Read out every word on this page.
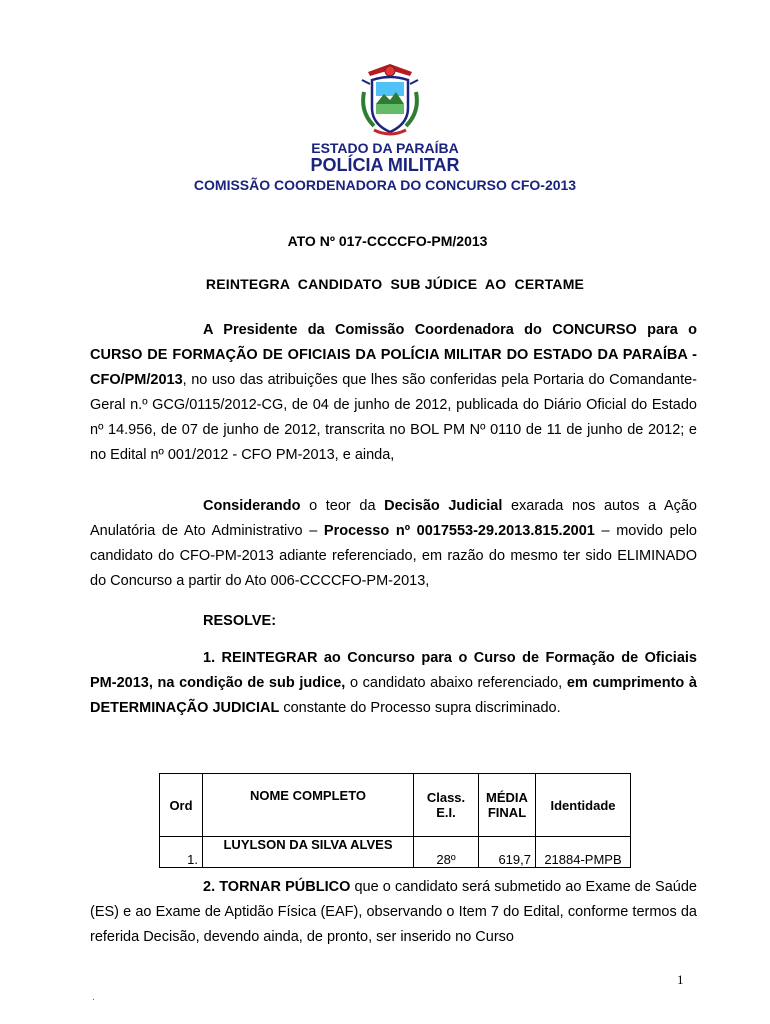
ESTADO DA PARAÍBA
POLÍCIA MILITAR
COMISSÃO COORDENADORA DO CONCURSO CFO-2013
ATO Nº 017-CCCCFO-PM/2013
REINTEGRA  CANDIDATO  SUB JÚDICE  AO  CERTAME

A Presidente da Comissão Coordenadora do CONCURSO para o CURSO DE FORMAÇÃO DE OFICIAIS DA POLÍCIA MILITAR DO ESTADO DA PARAÍBA - CFO/PM/2013, no uso das atribuições que lhes são conferidas pela Portaria do Comandante-Geral n.º GCG/0115/2012-CG, de 04 de junho de 2012, publicada do Diário Oficial do Estado nº 14.956, de 07 de junho de 2012, transcrita no BOL PM Nº 0110 de 11 de junho de 2012; e no Edital nº 001/2012 - CFO PM-2013, e ainda,

Considerando o teor da Decisão Judicial exarada nos autos a Ação Anulatória de Ato Administrativo – Processo nº 0017553-29.2013.815.2001 – movido pelo candidato do CFO-PM-2013 adiante referenciado, em razão do mesmo ter sido ELIMINADO do Concurso a partir do Ato 006-CCCCFO-PM-2013,

RESOLVE:

1. REINTEGRAR ao Concurso para o Curso de Formação de Oficiais PM-2013, na condição de sub judice, o candidato abaixo referenciado, em cumprimento à DETERMINAÇÃO JUDICIAL constante do Processo supra discriminado.

Ord	NOME COMPLETO	Class. E.I.	MÉDIA FINAL	Identidade
1.	LUYLSON DA SILVA ALVES	28º	619,7	21884-PMPB

2. TORNAR PÚBLICO que o candidato será submetido ao Exame de Saúde (ES) e ao Exame de Aptidão Física (EAF), observando o Item 7 do Edital, conforme termos da referida Decisão, devendo ainda, de pronto, ser inserido no Curso

1
.
